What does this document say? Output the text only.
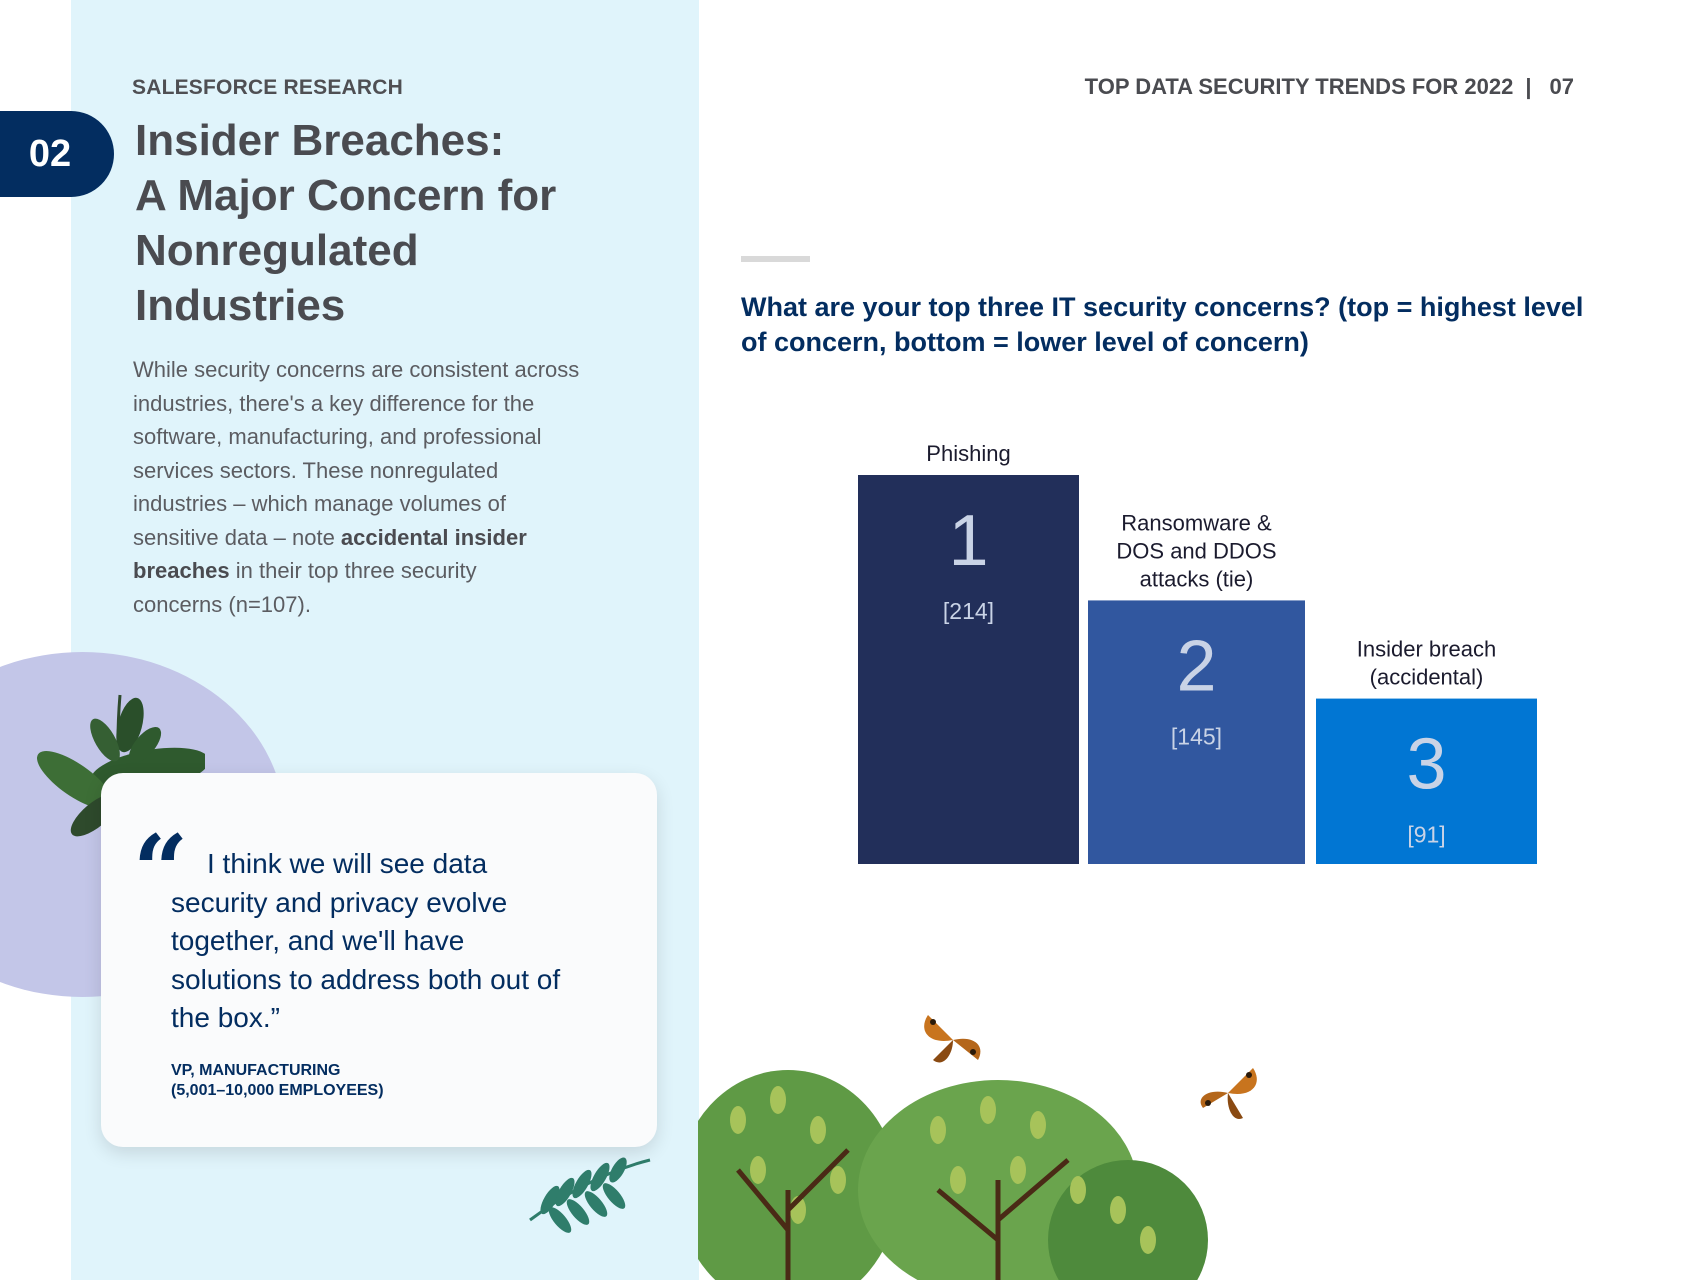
SALESFORCE RESEARCH
02	Insider Breaches:
A Major Concern for
Nonregulated
Industries
While security concerns are consistent across
industries, there's a key difference for the
software, manufacturing, and professional
services sectors. These nonregulated
industries – which manage volumes of
sensitive data – note accidental insider
breaches in their top three security
concerns (n=107).
“ I think we will see data
security and privacy evolve
together, and we'll have
solutions to address both out of
the box.”
VP, MANUFACTURING
(5,001–10,000 EMPLOYEES)
TOP DATA SECURITY TRENDS FOR 2022 | 07
What are your top three IT security concerns? (top = highest level of concern, bottom = lower level of concern)
1
[214]
Phishing
2
[145]
Ransomware &
DOS and DDOS
attacks (tie)
3
[91]
Insider breach
(accidental)
